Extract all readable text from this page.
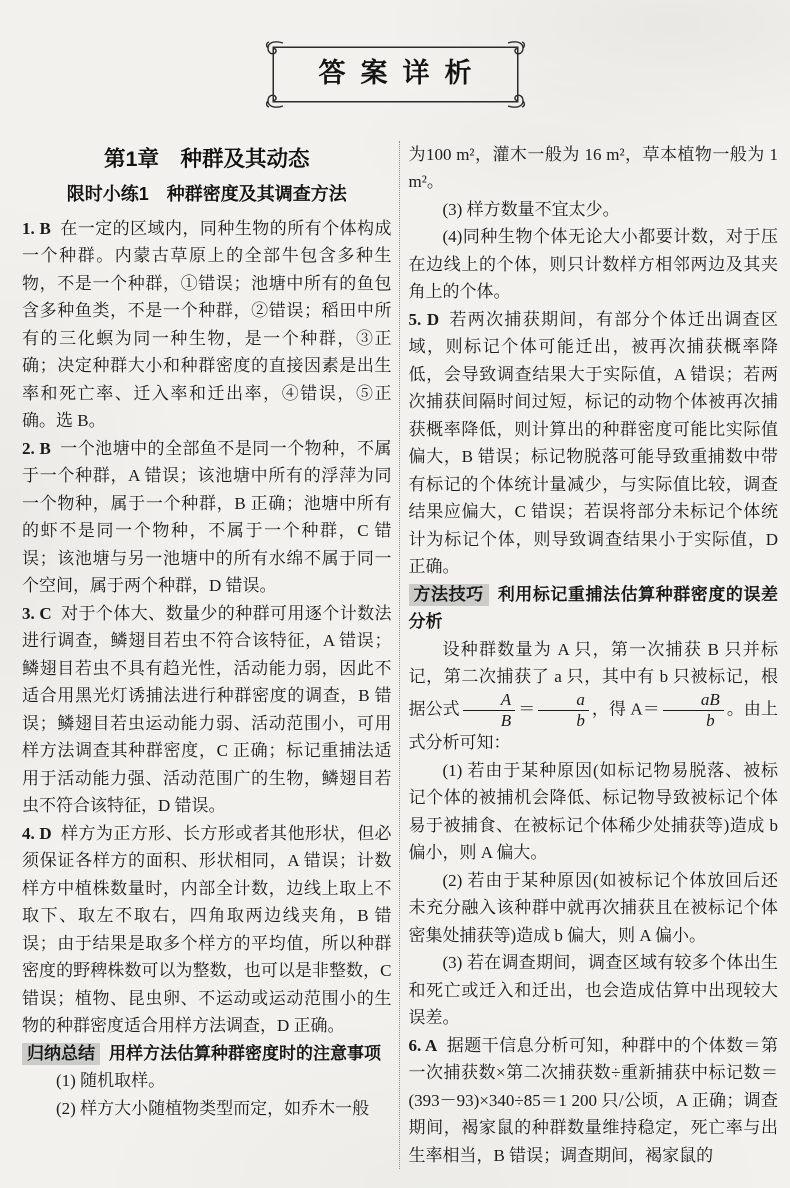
答案详析
第1章　种群及其动态
限时小练1　种群密度及其调查方法

1. B 在一定的区域内，同种生物的所有个体构成一个种群。内蒙古草原上的全部牛包含多种生物，不是一个种群，①错误；池塘中所有的鱼包含多种鱼类，不是一个种群，②错误；稻田中所有的三化螟为同一种生物，是一个种群，③正确；决定种群大小和种群密度的直接因素是出生率和死亡率、迁入率和迁出率，④错误，⑤正确。选 B。

2. B 一个池塘中的全部鱼不是同一个物种，不属于一个种群，A 错误；该池塘中所有的浮萍为同一个物种，属于一个种群，B 正确；池塘中所有的虾不是同一个物种，不属于一个种群，C 错误；该池塘与另一池塘中的所有水绵不属于同一个空间，属于两个种群，D 错误。

3. C 对于个体大、数量少的种群可用逐个计数法进行调查，鳞翅目若虫不符合该特征，A 错误；鳞翅目若虫不具有趋光性，活动能力弱，因此不适合用黑光灯诱捕法进行种群密度的调查，B 错误；鳞翅目若虫运动能力弱、活动范围小，可用样方法调查其种群密度，C 正确；标记重捕法适用于活动能力强、活动范围广的生物，鳞翅目若虫不符合该特征，D 错误。

4. D 样方为正方形、长方形或者其他形状，但必须保证各样方的面积、形状相同，A 错误；计数样方中植株数量时，内部全计数，边线上取上不取下、取左不取右，四角取两边线夹角，B 错误；由于结果是取多个样方的平均值，所以种群密度的野稗株数可以为整数，也可以是非整数，C 错误；植物、昆虫卵、不运动或运动范围小的生物的种群密度适合用样方法调查，D 正确。

归纳总结 用样方法估算种群密度时的注意事项

(1) 随机取样。

(2) 样方大小随植物类型而定，如乔木一般

为100 m²，灌木一般为 16 m²，草本植物一般为 1 m²。

(3) 样方数量不宜太少。

(4)同种生物个体无论大小都要计数，对于压在边线上的个体，则只计数样方相邻两边及其夹角上的个体。

5. D 若两次捕获期间，有部分个体迁出调查区域，则标记个体可能迁出，被再次捕获概率降低，会导致调查结果大于实际值，A 错误；若两次捕获间隔时间过短，标记的动物个体被再次捕获概率降低，则计算出的种群密度可能比实际值偏大，B 错误；标记物脱落可能导致重捕数中带有标记的个体统计量减少，与实际值比较，调查结果应偏大，C 错误；若误将部分未标记个体统计为标记个体，则导致调查结果小于实际值，D 正确。

方法技巧 利用标记重捕法估算种群密度的误差分析

设种群数量为 A 只，第一次捕获 B 只并标记，第二次捕获了 a 只，其中有 b 只被标记，根据公式 $\frac{A}{B} = \frac{a}{b}$ ，得 $A= \frac{aB}{b}$ 。由上式分析可知：

(1) 若由于某种原因(如标记物易脱落、被标记个体的被捕机会降低、标记物导致被标记个体易于被捕食、在被标记个体稀少处捕获等)造成 b 偏小，则 A 偏大。

(2) 若由于某种原因(如被标记个体放回后还未充分融入该种群中就再次捕获且在被标记个体密集处捕获等)造成 b 偏大，则 A 偏小。

(3) 若在调查期间，调查区域有较多个体出生和死亡或迁入和迁出，也会造成估算中出现较大误差。

6. A 据题干信息分析可知，种群中的个体数＝第一次捕获数×第二次捕获数÷重新捕获中标记数＝(393－93)×340÷85＝1 200 只/公顷，A 正确；调查期间，褐家鼠的种群数量维持稳定，死亡率与出生率相当，B 错误；调查期间，褐家鼠的
